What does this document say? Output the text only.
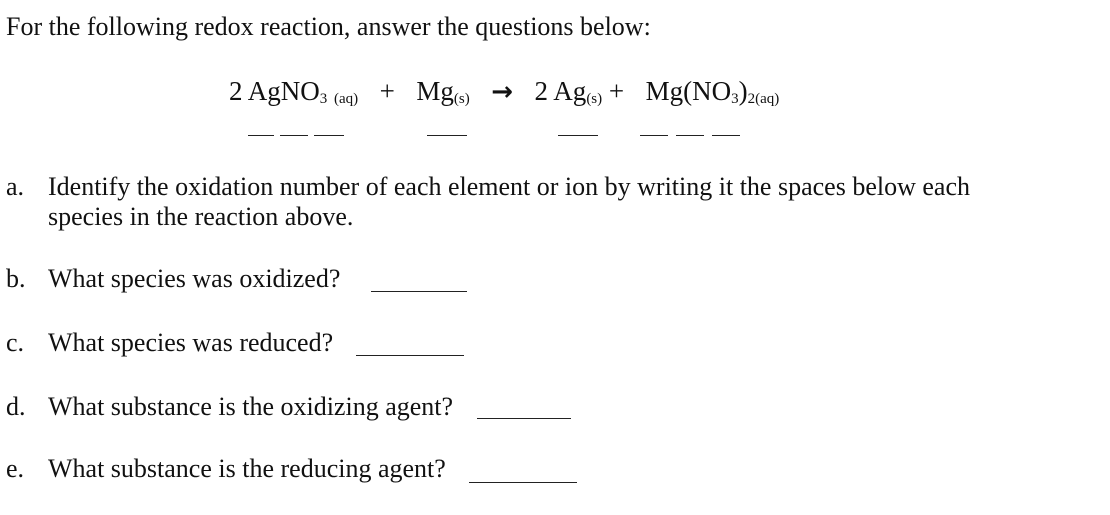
For the following redox reaction, answer the questions below:
2 AgNO$_3$ (aq) + Mg(s) → 2 $Ag(s) + Mg(NO_3)_{2(aq)}$
a. Identify the oxidation number of each element or ion by writing it the spaces below each
species in the reaction above.
b. What species was oxidized?
c. What species was reduced?
d. What substance is the oxidizing agent?
e. What substance is the reducing agent?
